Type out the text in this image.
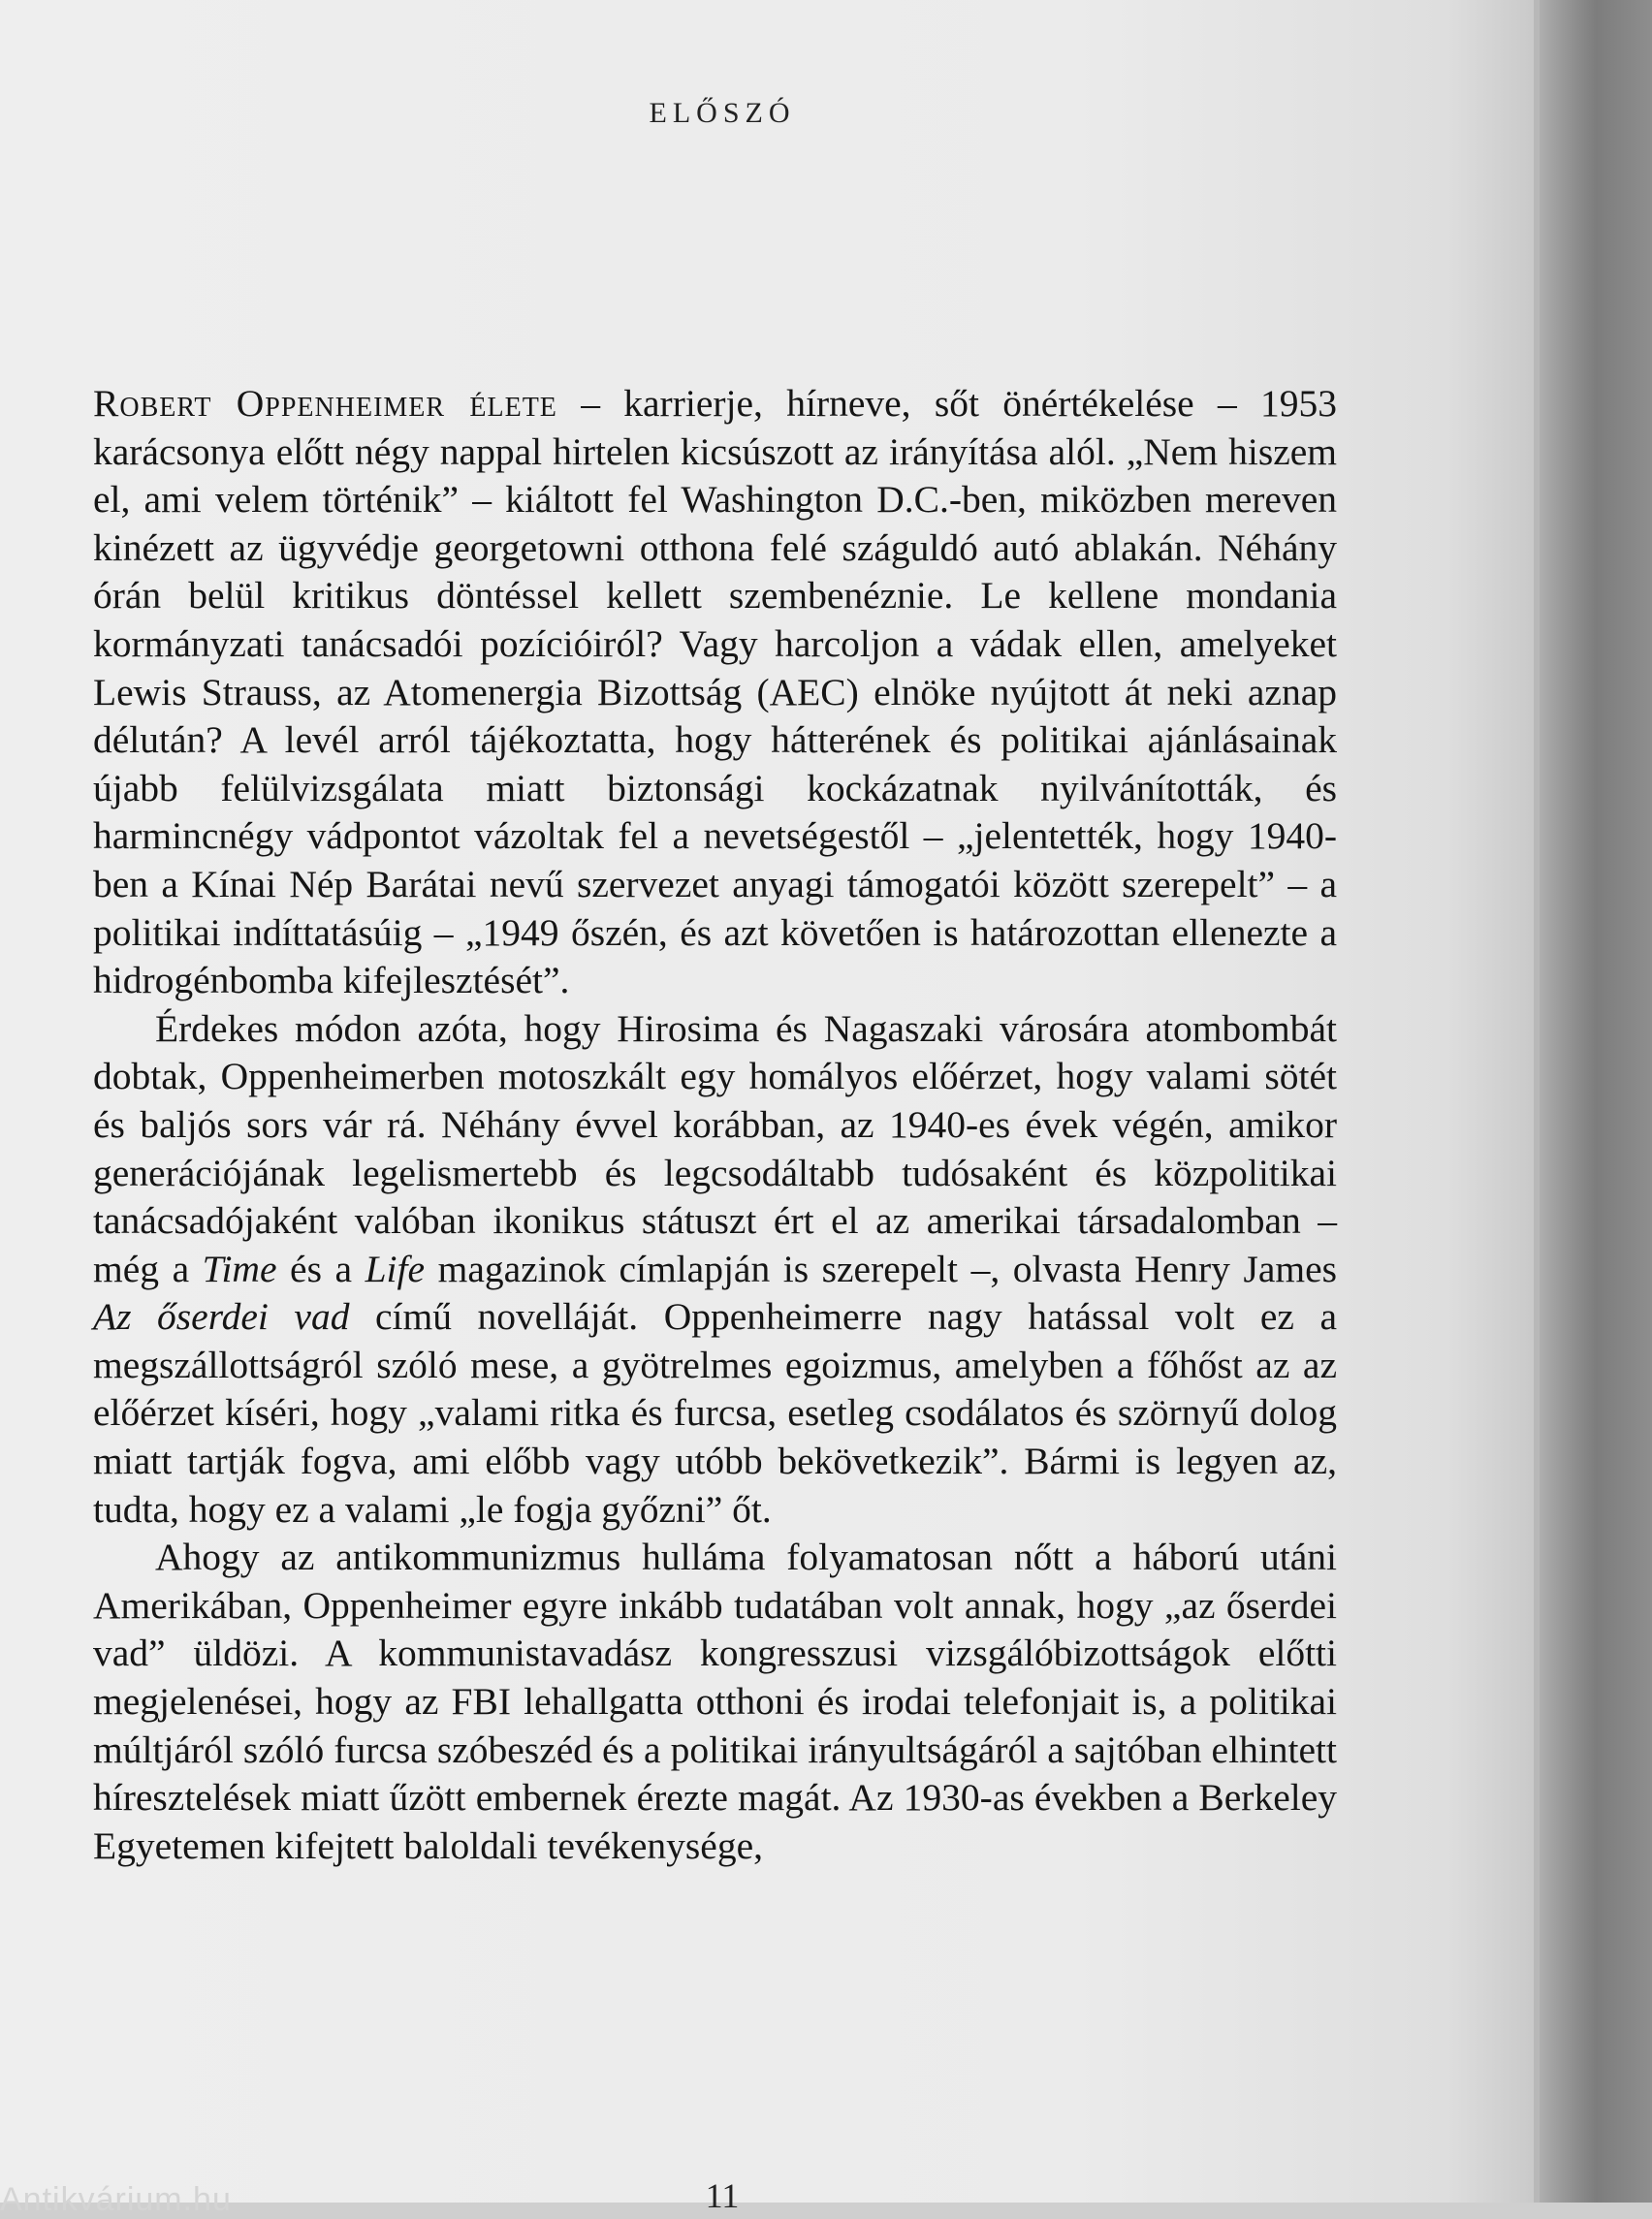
ELŐSZÓ

Robert Oppenheimer élete – karrierje, hírneve, sőt önértékelése – 1953 karácsonya előtt négy nappal hirtelen kicsúszott az irányítása alól. „Nem hiszem el, ami velem történik” – kiáltott fel Washington D.C.-ben, miközben mereven kinézett az ügyvédje georgetowni otthona felé száguldó autó ablakán. Néhány órán belül kritikus döntéssel kellett szembenéznie. Le kellene mondania kormányzati tanácsadói pozícióiról? Vagy harcoljon a vádak ellen, amelyeket Lewis Strauss, az Atomenergia Bizottság (AEC) elnöke nyújtott át neki aznap délután? A levél arról tájékoztatta, hogy hátterének és politikai ajánlásainak újabb felülvizsgálata miatt biztonsági kockázatnak nyilvánították, és harmincnégy vádpontot vázoltak fel a nevetségestől – „jelentették, hogy 1940-ben a Kínai Nép Barátai nevű szervezet anyagi támogatói között szerepelt” – a politikai indíttatásúig – „1949 őszén, és azt követően is határozottan ellenezte a hidrogénbomba kifejlesztését”.

Érdekes módon azóta, hogy Hirosima és Nagaszaki városára atombombát dobtak, Oppenheimerben motoszkált egy homályos előérzet, hogy valami sötét és baljós sors vár rá. Néhány évvel korábban, az 1940-es évek végén, amikor generációjának legelismertebb és legcsodáltabb tudósaként és közpolitikai tanácsadójaként valóban ikonikus státuszt ért el az amerikai társadalomban – még a Time és a Life magazinok címlapján is szerepelt –, olvasta Henry James Az őserdei vad című novelláját. Oppenheimerre nagy hatással volt ez a megszállottságról szóló mese, a gyötrelmes egoizmus, amelyben a főhőst az az előérzet kíséri, hogy „valami ritka és furcsa, esetleg csodálatos és szörnyű dolog miatt tartják fogva, ami előbb vagy utóbb bekövetkezik”. Bármi is legyen az, tudta, hogy ez a valami „le fogja győzni” őt.

Ahogy az antikommunizmus hulláma folyamatosan nőtt a háború utáni Amerikában, Oppenheimer egyre inkább tudatában volt annak, hogy „az őserdei vad” üldözi. A kommunistavadász kongresszusi vizsgálóbizottságok előtti megjelenései, hogy az FBI lehallgatta otthoni és irodai telefonjait is, a politikai múltjáról szóló furcsa szóbeszéd és a politikai irányultságáról a sajtóban elhintett híresztelések miatt űzött embernek érezte magát. Az 1930-as években a Berkeley Egyetemen kifejtett baloldali tevékenysége,

11
Antikvárium.hu
